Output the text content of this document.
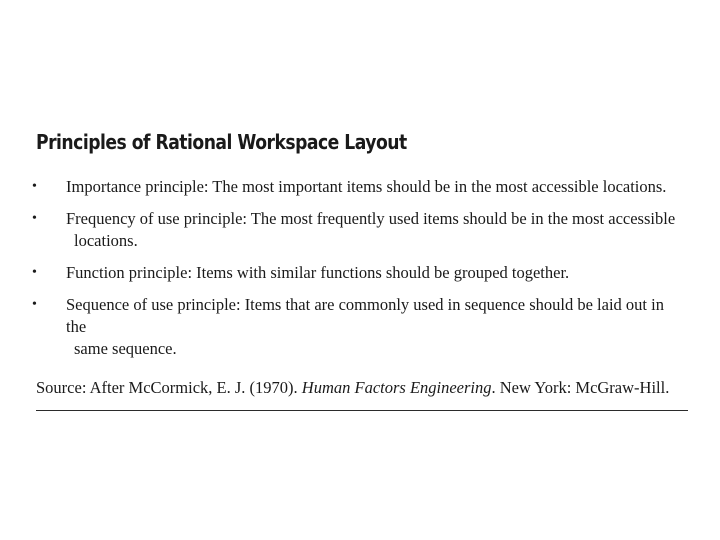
Principles of Rational Workspace Layout
• Importance principle: The most important items should be in the most accessible locations.
• Frequency of use principle: The most frequently used items should be in the most accessible
locations.
• Function principle: Items with similar functions should be grouped together.
• Sequence of use principle: Items that are commonly used in sequence should be laid out in the
same sequence.
Source: After McCormick, E. J. (1970). Human Factors Engineering. New York: McGraw-Hill.
